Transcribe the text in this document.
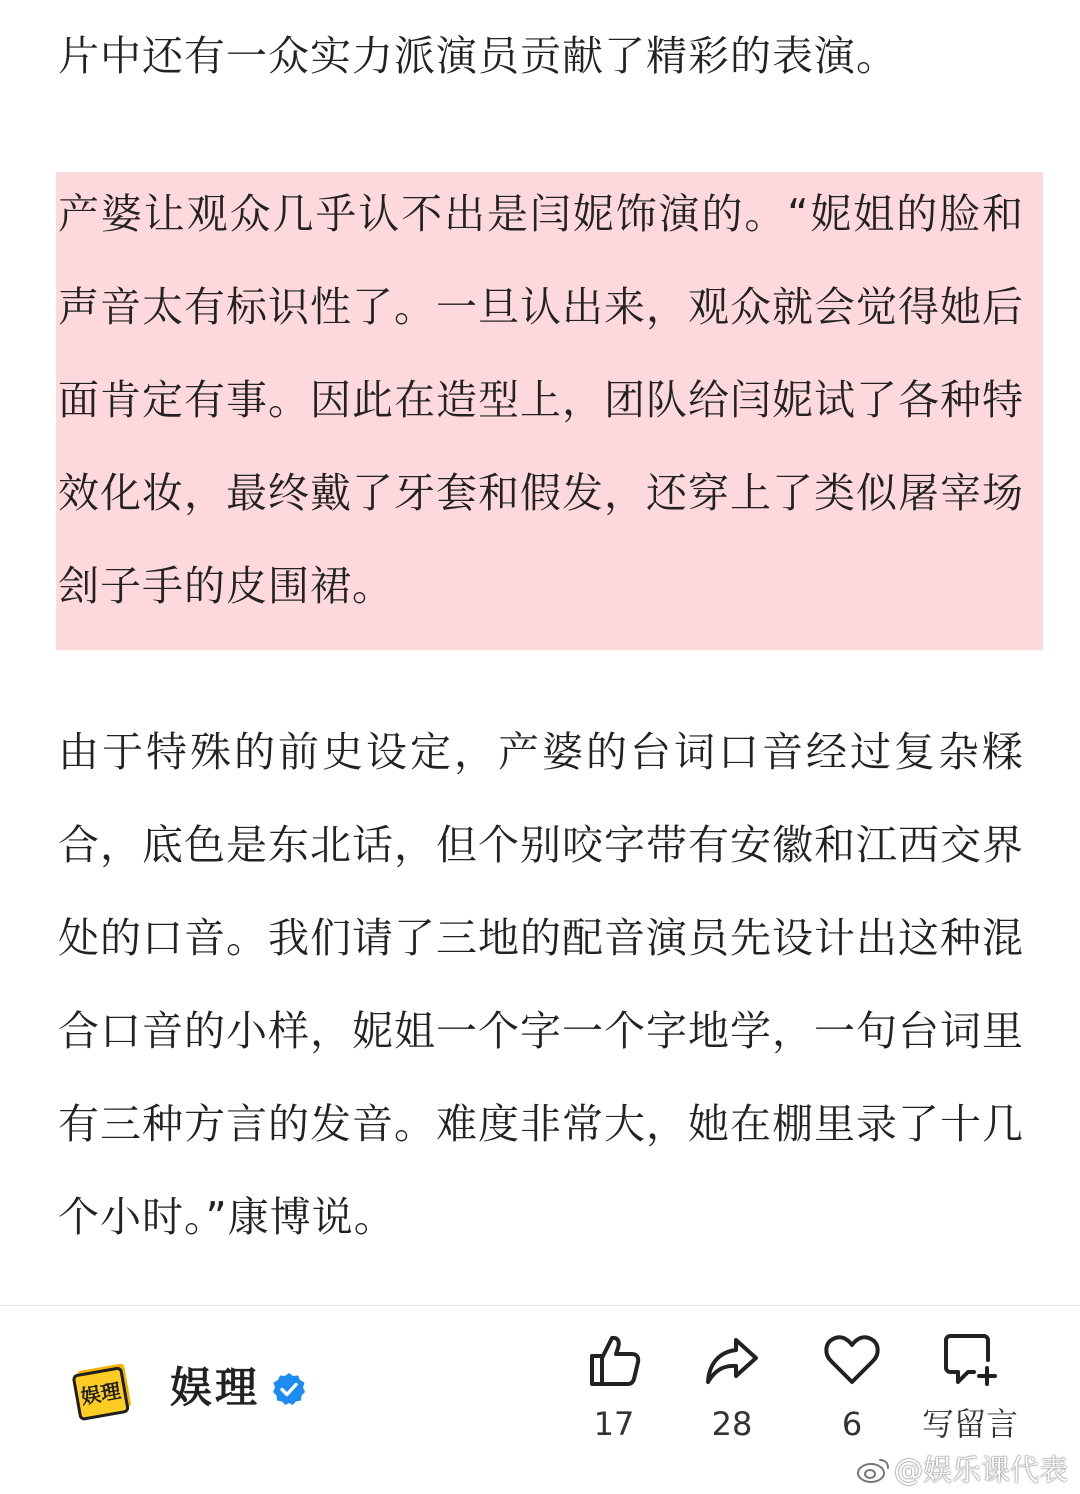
片中还有一众实力派演员贡献了精彩的表演。

产婆让观众几乎认不出是闫妮饰演的。“妮姐的脸和声音太有标识性了。一旦认出来，观众就会觉得她后面肯定有事。因此在造型上，团队给闫妮试了各种特效化妆，最终戴了牙套和假发，还穿上了类似屠宰场刽子手的皮围裙。

由于特殊的前史设定，产婆的台词口音经过复杂糅合，底色是东北话，但个别咬字带有安徽和江西交界处的口音。我们请了三地的配音演员先设计出这种混合口音的小样，妮姐一个字一个字地学，一句台词里有三种方言的发音。难度非常大，她在棚里录了十几个小时。”康博说。

娱理 娱理
17	28	6	写留言
@娱乐课代表
